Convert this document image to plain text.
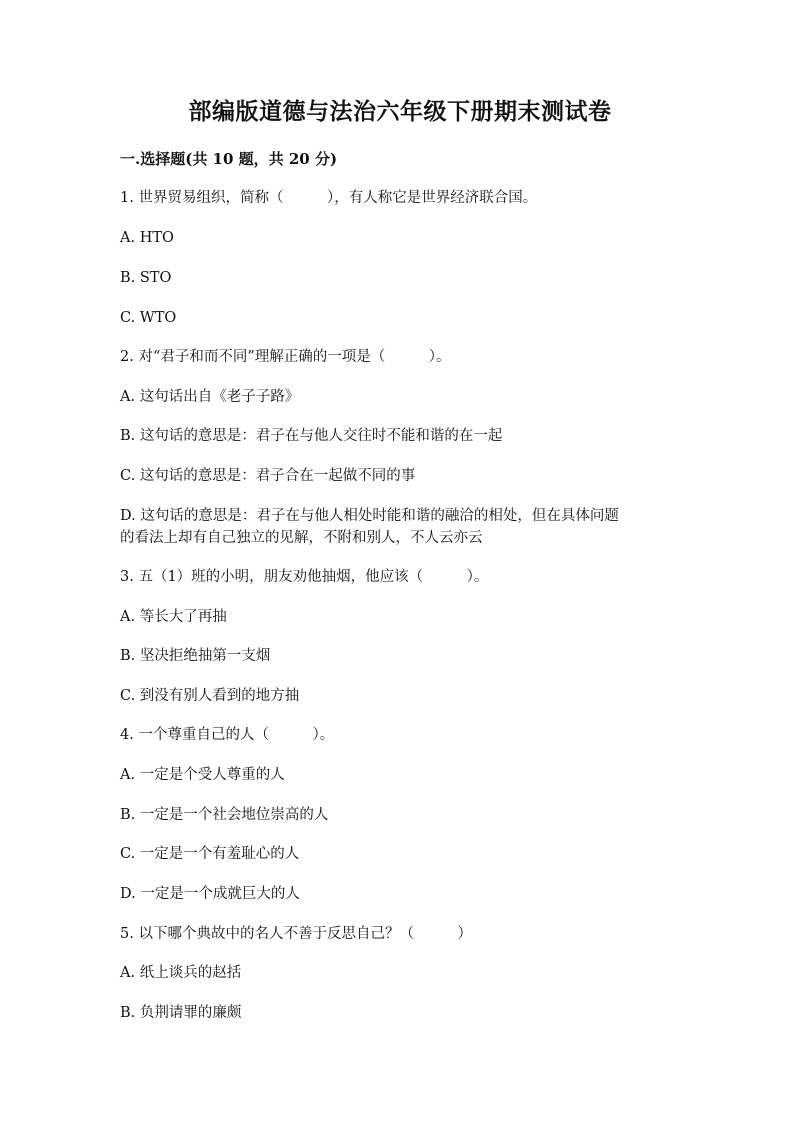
部编版道德与法治六年级下册期末测试卷
一.选择题(共 10 题，共 20 分)
1. 世界贸易组织，简称（　　　），有人称它是世界经济联合国。
A. HTO
B. STO
C. WTO
2. 对“君子和而不同”理解正确的一项是（　　　）。
A. 这句话出自《老子子路》
B. 这句话的意思是：君子在与他人交往时不能和谐的在一起
C. 这句话的意思是：君子合在一起做不同的事
D. 这句话的意思是：君子在与他人相处时能和谐的融洽的相处，但在具体问题
的看法上却有自己独立的见解，不附和别人，不人云亦云
3. 五（1）班的小明，朋友劝他抽烟，他应该（　　　）。
A. 等长大了再抽
B. 坚决拒绝抽第一支烟
C. 到没有别人看到的地方抽
4. 一个尊重自己的人（　　　）。
A. 一定是个受人尊重的人
B. 一定是一个社会地位崇高的人
C. 一定是一个有羞耻心的人
D. 一定是一个成就巨大的人
5. 以下哪个典故中的名人不善于反思自己？（　　　）
A. 纸上谈兵的赵括
B. 负荆请罪的廉颇
